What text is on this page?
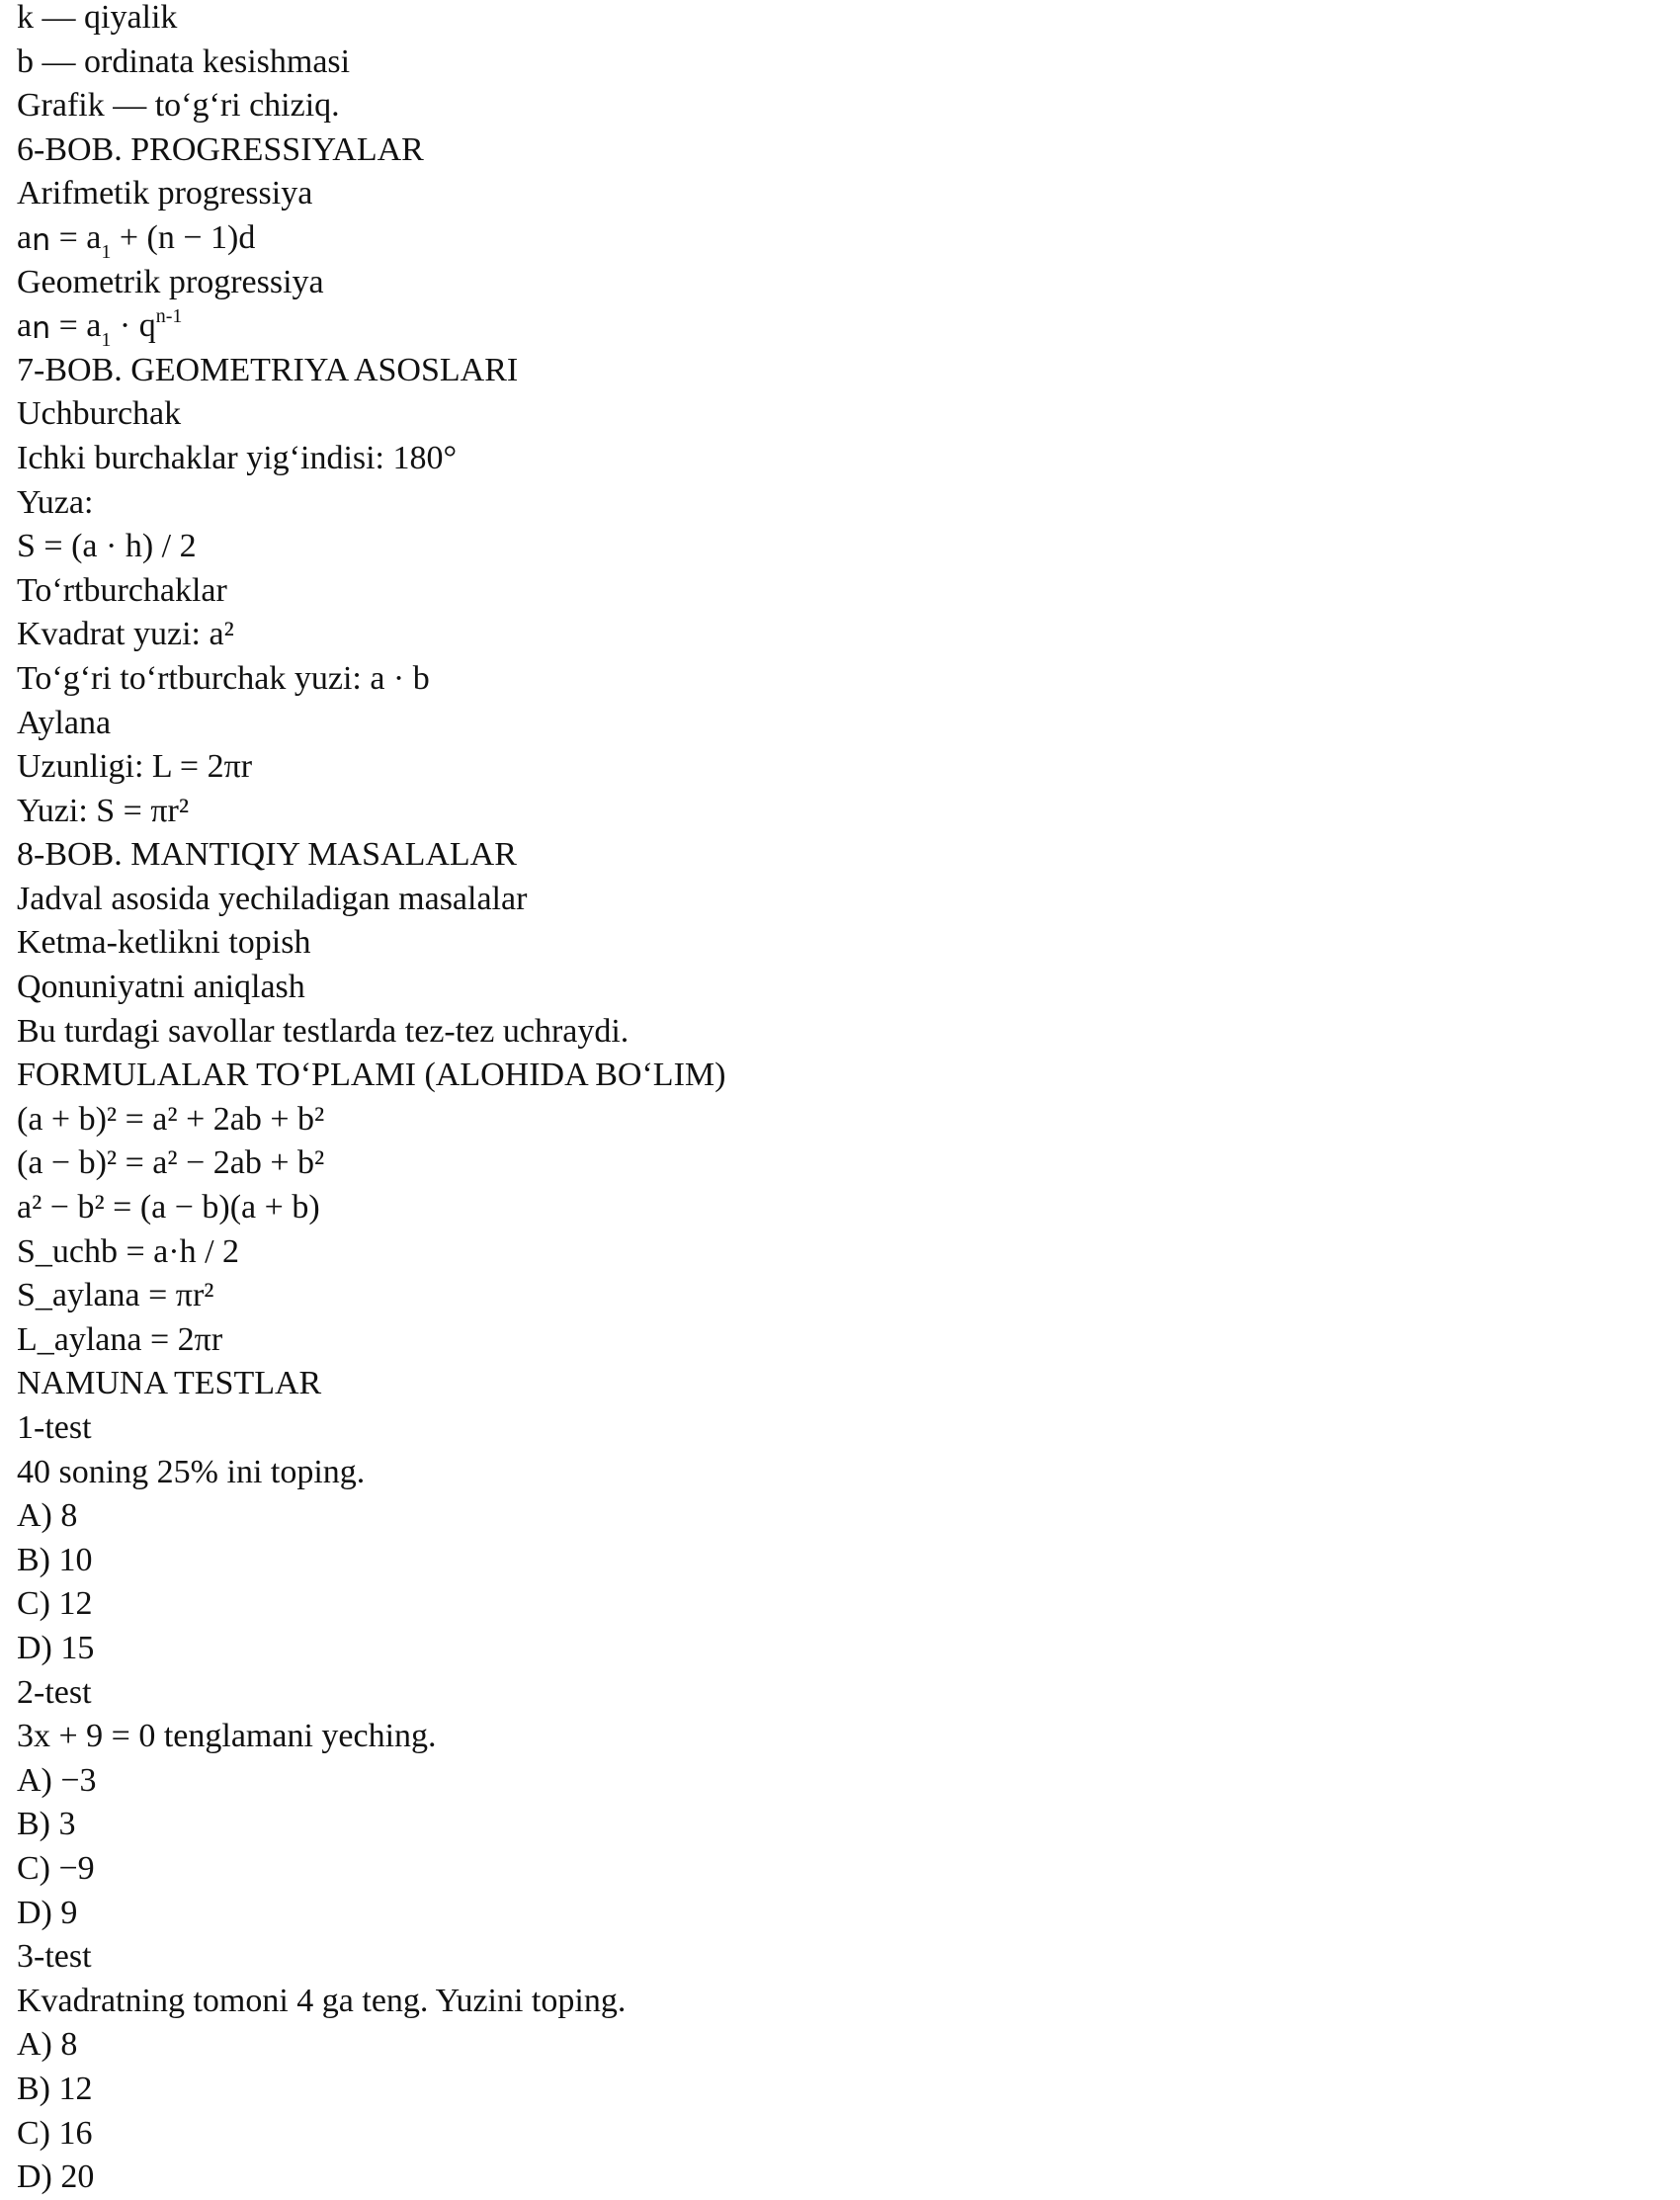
k — qiyalik
b — ordinata kesishmasi
Grafik — to‘g‘ri chiziq.
6-BOB. PROGRESSIYALAR
Arifmetik progressiya
an = $a_1 + (n - 1)d$
Geometrik progressiya
an = $a_1 \cdot q^{n-1}$
7-BOB. GEOMETRIYA ASOSLARI
Uchburchak
Ichki burchaklar yig‘indisi: 180°
Yuza:
S = (a · h) / 2
To‘rtburchaklar
Kvadrat yuzi: a²
To‘g‘ri to‘rtburchak yuzi: a · b
Aylana
Uzunligi: L = 2πr
Yuzi: S = πr²
8-BOB. MANTIQIY MASALALAR
Jadval asosida yechiladigan masalalar
Ketma-ketlikni topish
Qonuniyatni aniqlash
Bu turdagi savollar testlarda tez-tez uchraydi.
FORMULALAR TO‘PLAMI (ALOHIDA BO‘LIM)
(a + b)² = a² + 2ab + b²
(a − b)² = a² − 2ab + b²
a² − b² = (a − b)(a + b)
S_uchb = a·h / 2
S_aylana = πr²
L_aylana = 2πr
NAMUNA TESTLAR
1-test
40 soning 25% ini toping.
A) 8
B) 10
C) 12
D) 15
2-test
3x + 9 = 0 tenglamani yeching.
A) −3
B) 3
C) −9
D) 9
3-test
Kvadratning tomoni 4 ga teng. Yuzini toping.
A) 8
B) 12
C) 16
D) 20
